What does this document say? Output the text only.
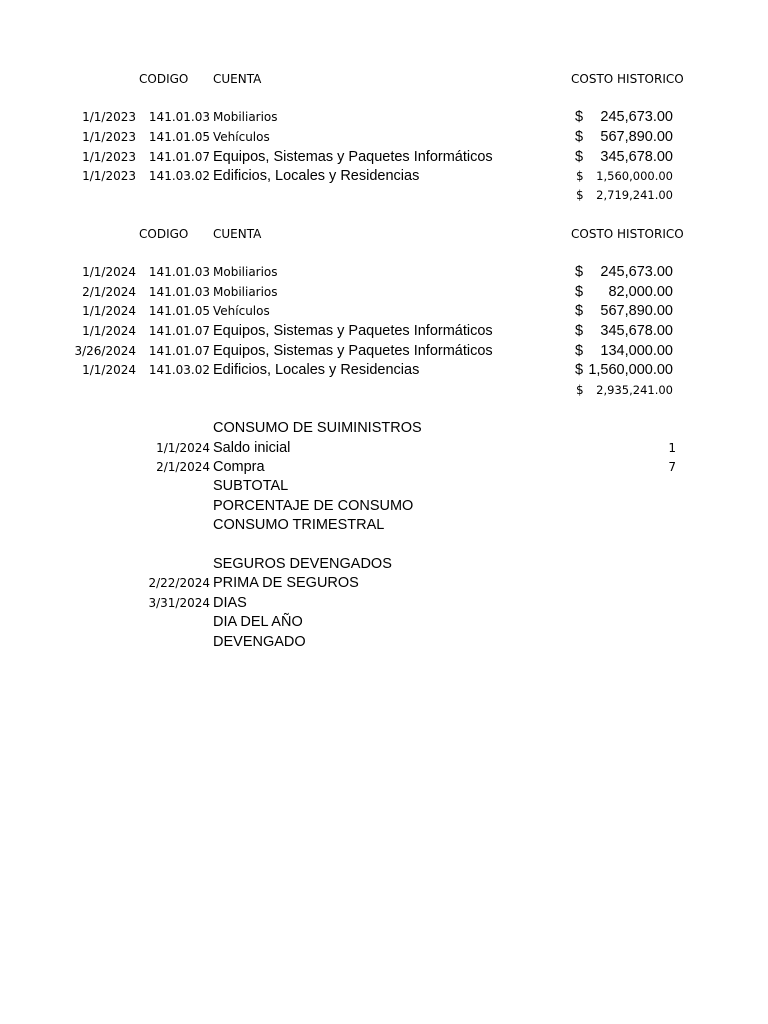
CODIGO CUENTA	COSTO HISTORICO
1/1/2023	141.01.03 Mobiliarios	$	245,673.00
1/1/2023	141.01.05 Vehículos	$	567,890.00
1/1/2023	141.01.07 Equipos, Sistemas y Paquetes Informáticos	$	345,678.00
1/1/2023	141.03.02 Edificios, Locales y Residencias	$	1,560,000.00
$	2,719,241.00
CODIGO CUENTA	COSTO HISTORICO
1/1/2024	141.01.03 Mobiliarios	$	245,673.00
2/1/2024	141.01.03 Mobiliarios	$	82,000.00
1/1/2024	141.01.05 Vehículos	$	567,890.00
1/1/2024	141.01.07 Equipos, Sistemas y Paquetes Informáticos	$	345,678.00
3/26/2024	141.01.07 Equipos, Sistemas y Paquetes Informáticos	$	134,000.00
1/1/2024	141.03.02 Edificios, Locales y Residencias	$ 1,560,000.00
$	2,935,241.00
CONSUMO DE SUIMINISTROS
1/1/2024 Saldo inicial	1
2/1/2024 Compra	7
SUBTOTAL
PORCENTAJE DE CONSUMO
CONSUMO TRIMESTRAL
SEGUROS DEVENGADOS
2/22/2024 PRIMA DE SEGUROS
3/31/2024 DIAS
DIA DEL AÑO
DEVENGADO
